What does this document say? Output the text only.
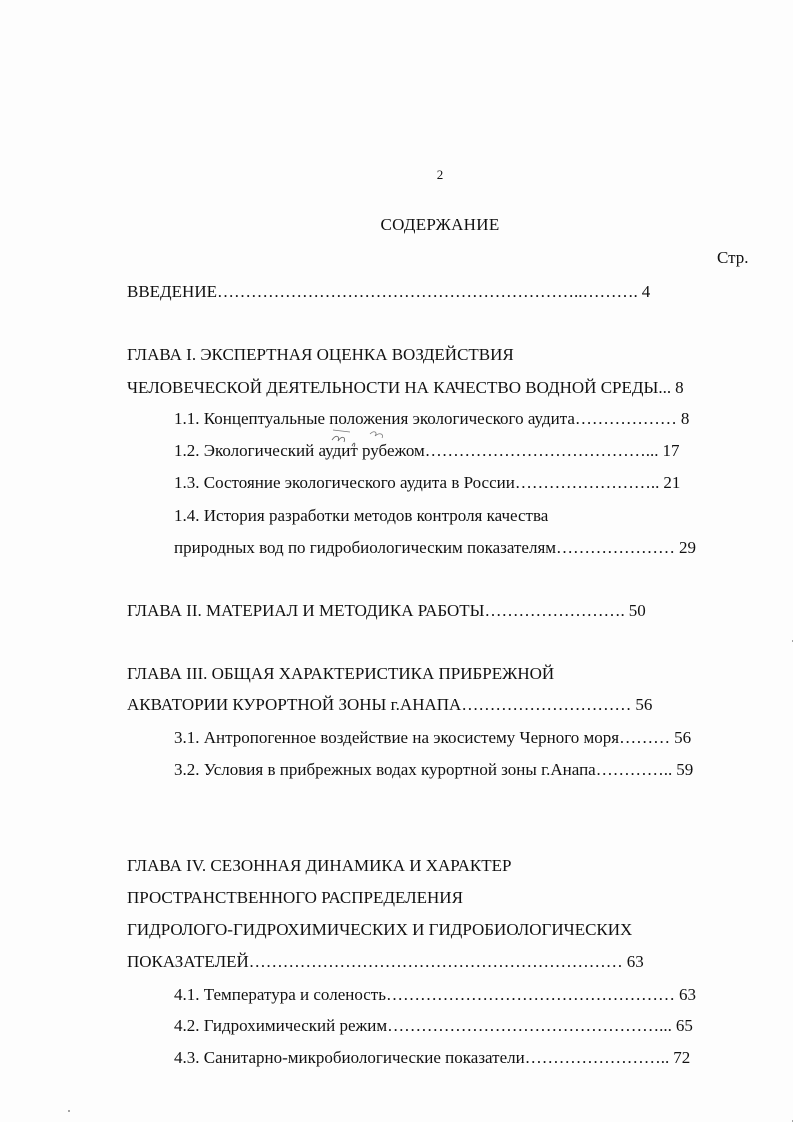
2
СОДЕРЖАНИЕ
Стр.
ВВЕДЕНИЕ………………………………………………………..………. 4
ГЛАВА I. ЭКСПЕРТНАЯ ОЦЕНКА ВОЗДЕЙСТВИЯ
ЧЕЛОВЕЧЕСКОЙ ДЕЯТЕЛЬНОСТИ НА КАЧЕСТВО ВОДНОЙ СРЕДЫ... 8
1.1. Концептуальные положения экологического аудита……………… 8
1.2. Экологический аудит рубежом…………………………………... 17
1.3. Состояние экологического аудита в России…………………….. 21
1.4. История разработки методов контроля качества
природных вод по гидробиологическим показателям………………… 29
ГЛАВА II. МАТЕРИАЛ И МЕТОДИКА РАБОТЫ……………………. 50
ГЛАВА III. ОБЩАЯ ХАРАКТЕРИСТИКА ПРИБРЕЖНОЙ
АКВАТОРИИ КУРОРТНОЙ ЗОНЫ г.АНАПА………………………… 56
3.1. Антропогенное воздействие на экосистему Черного моря……… 56
3.2. Условия в прибрежных водах курортной зоны г.Анапа………….. 59
ГЛАВА IV. СЕЗОННАЯ ДИНАМИКА И ХАРАКТЕР
ПРОСТРАНСТВЕННОГО РАСПРЕДЕЛЕНИЯ
ГИДРОЛОГО-ГИДРОХИМИЧЕСКИХ И ГИДРОБИОЛОГИЧЕСКИХ
ПОКАЗАТЕЛЕЙ………………………………………………………… 63
4.1. Температура и соленость…………………………………………… 63
4.2. Гидрохимический режим…………………………………………... 65
4.3. Санитарно-микробиологические показатели…………………….. 72
